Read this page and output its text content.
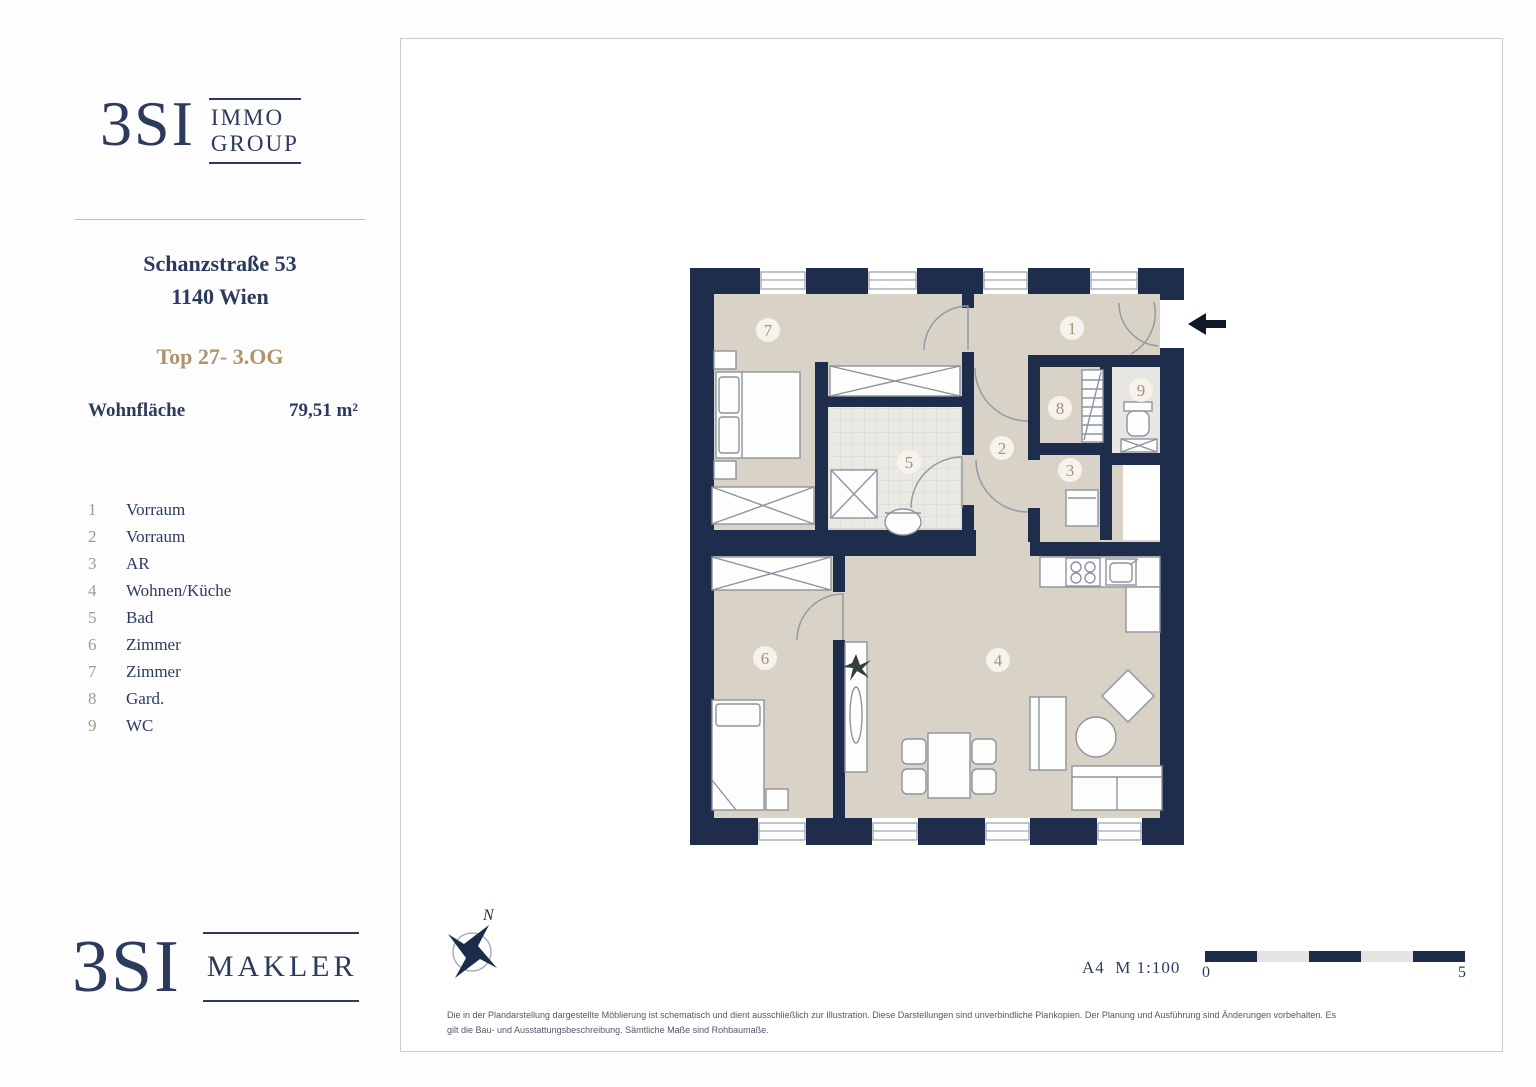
3SI IMMO
GROUP
Schanzstraße 53
1140 Wien
Top 27- 3.OG
Wohnfläche	79,51 m²
1	Vorraum
2	Vorraum
3	AR
4	Wohnen/Küche
5	Bad
6	Zimmer
7	Zimmer
8	Gard.
9	WC
3SI MAKLER
1
2
3
4
5
6
7
8
9
N
A4 M 1:100 0	5
Die in der Plandarstellung dargestellte Möblierung ist schematisch und dient ausschließlich zur Illustration. Diese Darstellungen sind unverbindliche Plankopien. Der Planung und Ausführung sind Änderungen vorbehalten. Es
gilt die Bau- und Ausstattungsbeschreibung. Sämtliche Maße sind Rohbaumaße.
